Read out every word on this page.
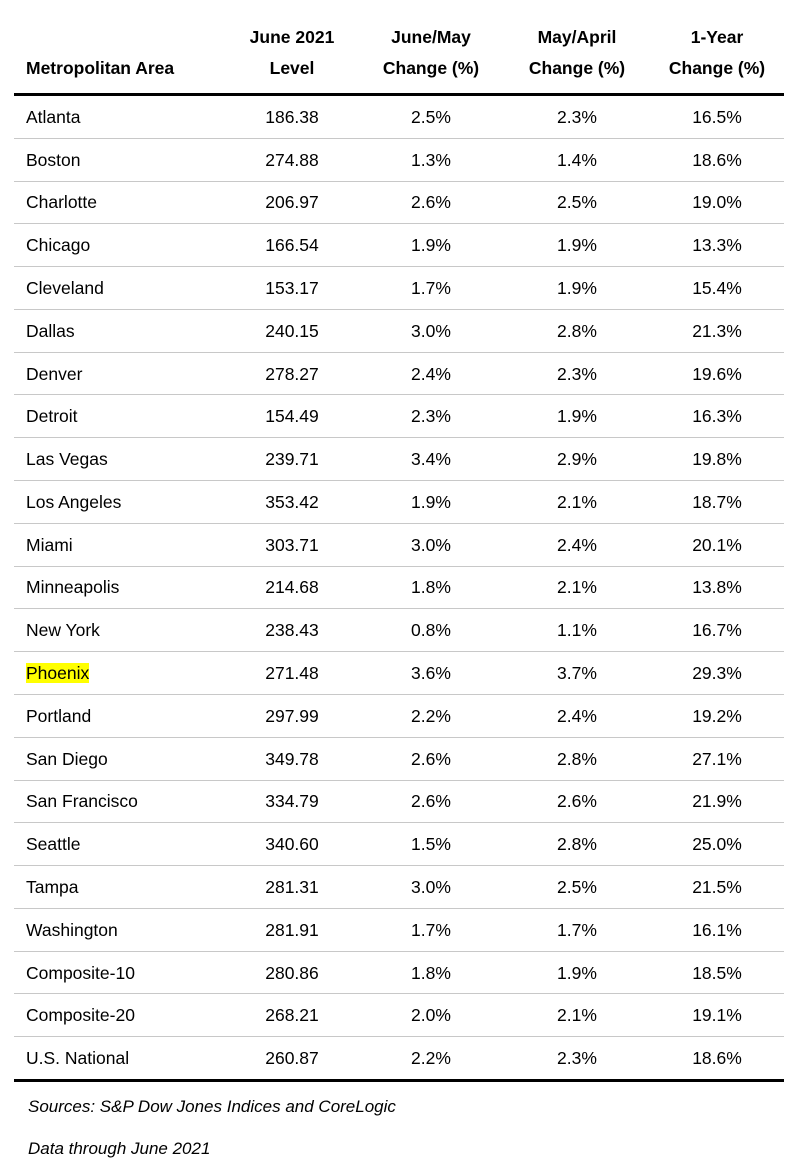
	June 2021	June/May	May/April	1-Year
Metropolitan Area	Level	Change (%)	Change (%)	Change (%)
Atlanta	186.38	2.5%	2.3%	16.5%
Boston	274.88	1.3%	1.4%	18.6%
Charlotte	206.97	2.6%	2.5%	19.0%
Chicago	166.54	1.9%	1.9%	13.3%
Cleveland	153.17	1.7%	1.9%	15.4%
Dallas	240.15	3.0%	2.8%	21.3%
Denver	278.27	2.4%	2.3%	19.6%
Detroit	154.49	2.3%	1.9%	16.3%
Las Vegas	239.71	3.4%	2.9%	19.8%
Los Angeles	353.42	1.9%	2.1%	18.7%
Miami	303.71	3.0%	2.4%	20.1%
Minneapolis	214.68	1.8%	2.1%	13.8%
New York	238.43	0.8%	1.1%	16.7%
Phoenix	271.48	3.6%	3.7%	29.3%
Portland	297.99	2.2%	2.4%	19.2%
San Diego	349.78	2.6%	2.8%	27.1%
San Francisco	334.79	2.6%	2.6%	21.9%
Seattle	340.60	1.5%	2.8%	25.0%
Tampa	281.31	3.0%	2.5%	21.5%
Washington	281.91	1.7%	1.7%	16.1%
Composite-10	280.86	1.8%	1.9%	18.5%
Composite-20	268.21	2.0%	2.1%	19.1%
U.S. National	260.87	2.2%	2.3%	18.6%
Sources: S&P Dow Jones Indices and CoreLogic
Data through June 2021
